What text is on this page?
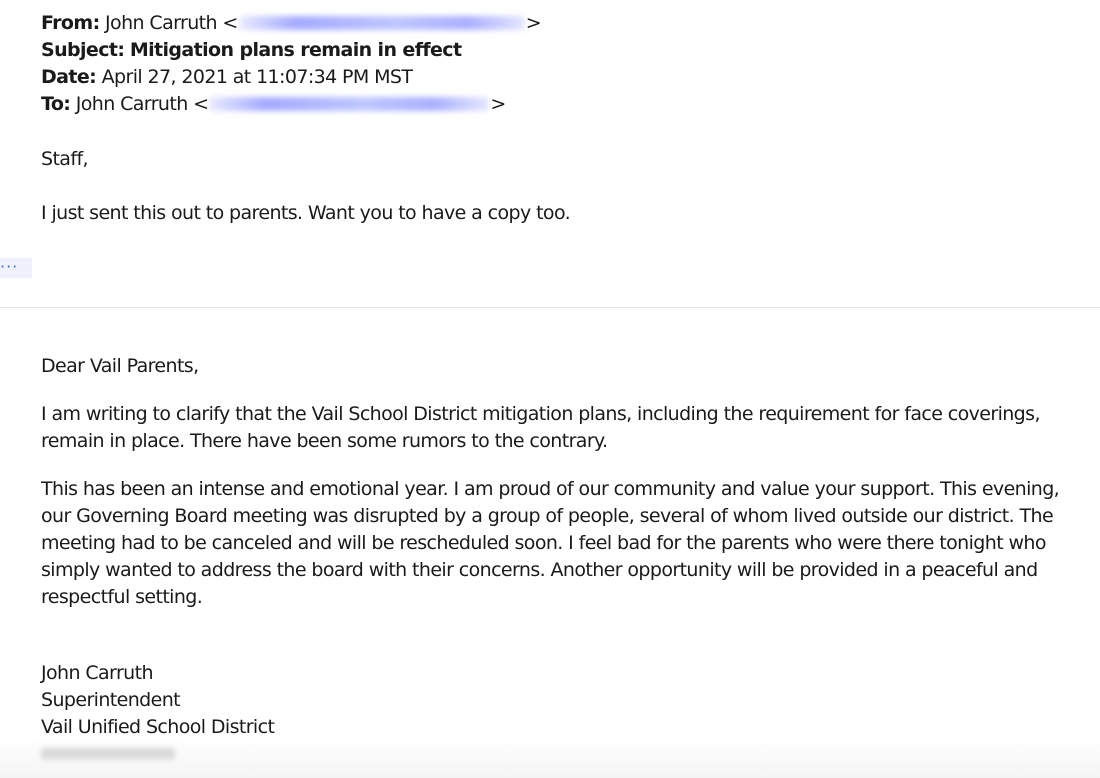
From: John Carruth <	>
Subject: Mitigation plans remain in effect
Date: April 27, 2021 at 11:07:34 PM MST
To: John Carruth <	>
Staff,
I just sent this out to parents. Want you to have a copy too.
···
Dear Vail Parents,
I am writing to clarify that the Vail School District mitigation plans, including the requirement for face coverings, remain in place. There have been some rumors to the contrary.
This has been an intense and emotional year. I am proud of our community and value your support. This evening, our Governing Board meeting was disrupted by a group of people, several of whom lived outside our district. The meeting had to be canceled and will be rescheduled soon. I feel bad for the parents who were there tonight who simply wanted to address the board with their concerns. Another opportunity will be provided in a peaceful and respectful setting.
John Carruth
Superintendent
Vail Unified School District
